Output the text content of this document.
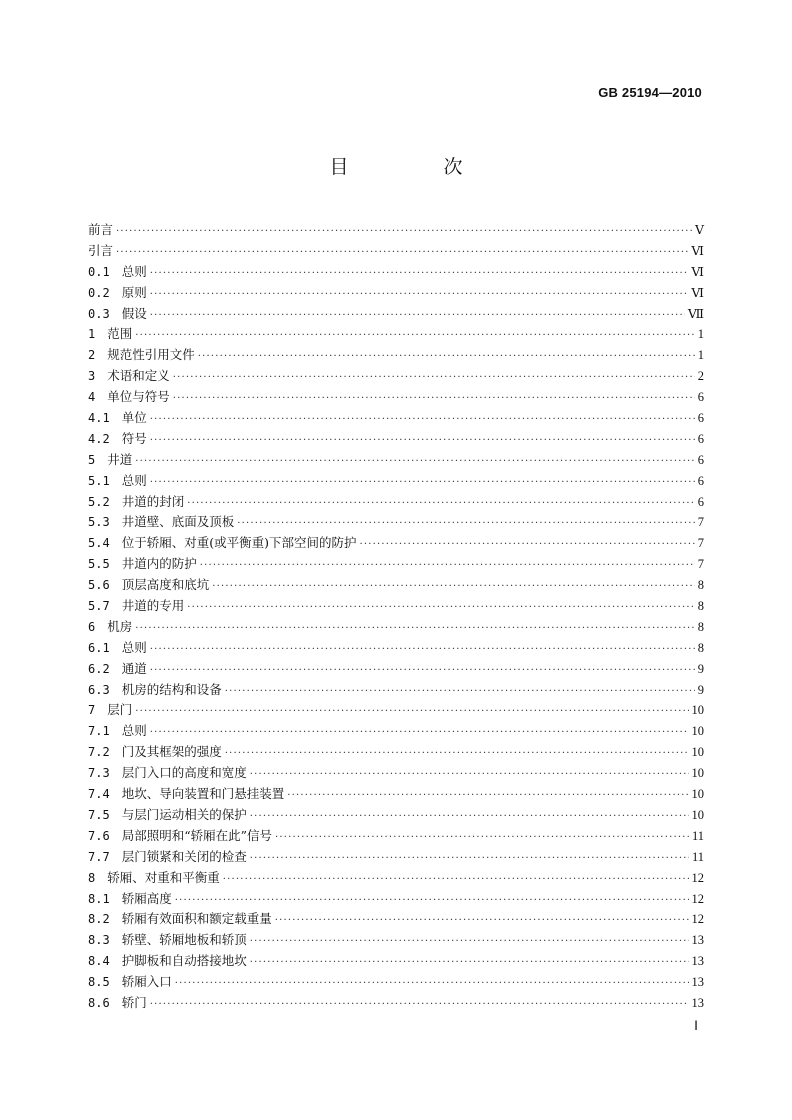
GB 25194—2010
目　次
前言 ·····	Ⅴ
引言 ·····	Ⅵ
0.1 总则 ·····	Ⅵ
0.2 原则 ·····	Ⅵ
0.3 假设 ·····	Ⅶ
1 范围 ·····	1
2 规范性引用文件 ·····	1
3 术语和定义 ·····	2
4 单位与符号 ·····	6
4.1 单位 ·····	6
4.2 符号 ·····	6
5 井道 ·····	6
5.1 总则 ·····	6
5.2 井道的封闭 ·····	6
5.3 井道壁、底面及顶板 ·····	7
5.4 位于轿厢、对重(或平衡重)下部空间的防护 ·····	7
5.5 井道内的防护 ·····	7
5.6 顶层高度和底坑 ·····	8
5.7 井道的专用 ·····	8
6 机房 ·····	8
6.1 总则 ·····	8
6.2 通道 ·····	9
6.3 机房的结构和设备 ·····	9
7 层门 ·····	10
7.1 总则 ·····	10
7.2 门及其框架的强度 ·····	10
7.3 层门入口的高度和宽度 ·····	10
7.4 地坎、导向装置和门悬挂装置 ·····	10
7.5 与层门运动相关的保护 ·····	10
7.6 局部照明和“轿厢在此”信号 ·····	11
7.7 层门锁紧和关闭的检查 ·····	11
8 轿厢、对重和平衡重 ·····	12
8.1 轿厢高度 ·····	12
8.2 轿厢有效面积和额定载重量 ·····	12
8.3 轿壁、轿厢地板和轿顶 ·····	13
8.4 护脚板和自动搭接地坎 ·····	13
8.5 轿厢入口 ·····	13
8.6 轿门 ·····	13
Ⅰ
